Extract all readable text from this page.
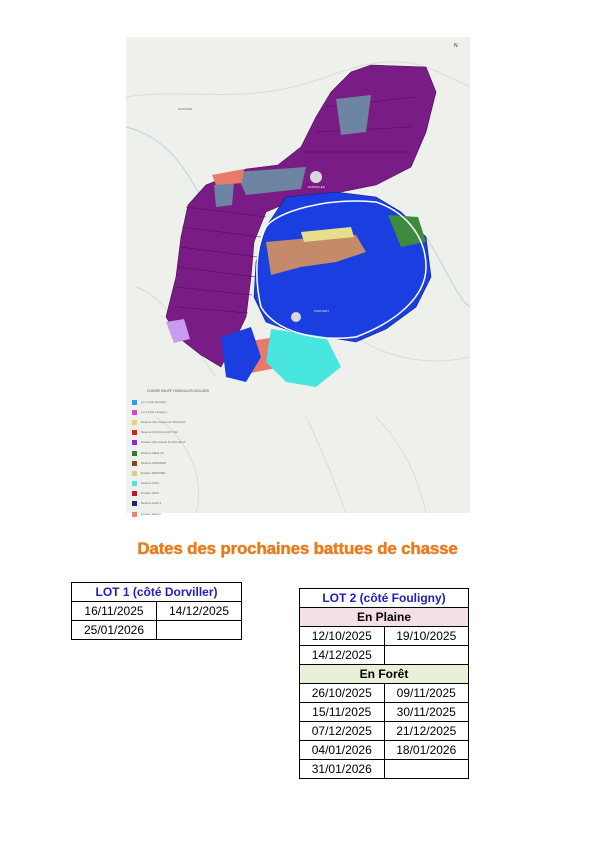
N
MOINDRE
DORVILLER
FOULIGNY
CHASSE HAUTE VIGNEULLES 2024-2025
Lot 1 (côté Dorviller)
Lot 2 (côté Fouligny)
Réserve GFA Joseph de MOLHAUT
Réserve GFA COLLE ET CIE
Enclave GFA Joseph de MOLHAUT
Réserve MEOLAS
Réserve SPRONER
Enclave SPRONER
Réserve HILM
Enclave HILM
Réserve HILM 2
Enclave HILM 2
Dates des prochaines battues de chasse
LOT 1 (côté Dorviller)	
16/11/2025	14/12/2025
25/01/2026	
LOT 2 (côté Fouligny)	
En Plaine	
12/10/2025	19/10/2025
14/12/2025	
En Forêt	
26/10/2025	09/11/2025
15/11/2025	30/11/2025
07/12/2025	21/12/2025
04/01/2026	18/01/2026
31/01/2026	
